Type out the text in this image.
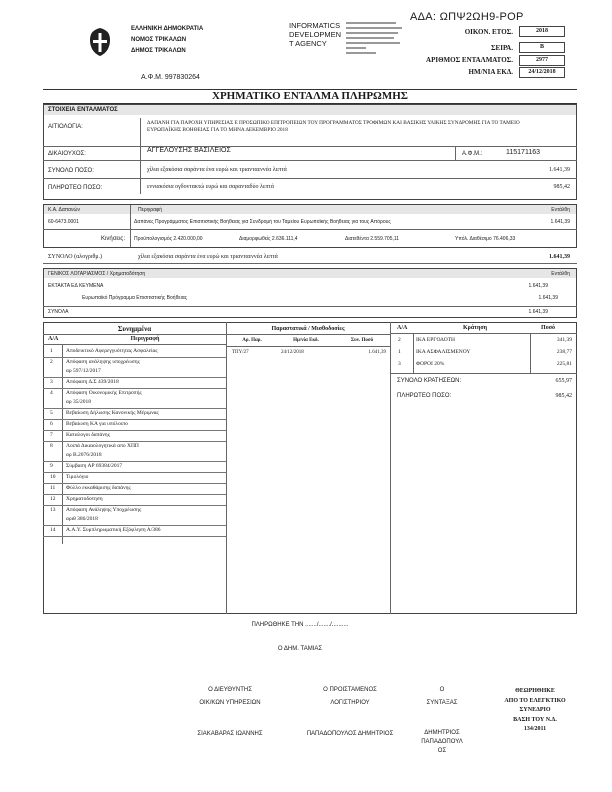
ΕΛΛΗΝΙΚΗ ΔΗΜΟΚΡΑΤΙΑ
ΝΟΜΟΣ ΤΡΙΚΑΛΩΝ
ΔΗΜΟΣ ΤΡΙΚΑΛΩΝ
Α.Φ.Μ. 997830264
INFORMATICS
DEVELOPMEN
T AGENCY
ΑΔΑ: ΩΠΨ2ΩΗ9-ΡΟΡ
ΟΙΚΟΝ. ΕΤΟΣ.	2018
ΣΕΙΡΑ.	Β
ΑΡΙΘΜΟΣ ΕΝΤΑΛΜΑΤΟΣ.	2977
ΗΜ/ΝΙΑ ΕΚΔ.	24/12/2018
ΧΡΗΜΑΤΙΚΟ ΕΝΤΑΛΜΑ ΠΛΗΡΩΜΗΣ
ΣΤΟΙΧΕΙΑ ΕΝΤΑΛΜΑΤΟΣ
ΑΙΤΙΟΛΟΓΙΑ:
ΔΑΠΑΝΗ ΓΙΑ ΠΑΡΟΧΗ ΥΠΗΡΕΣΙΑΣ Ε ΠΡΟΣΩΠΙΚΟ ΕΠΙΤΡΟΠΕΙΩΝ ΤΟΥ ΠΡΟΓΡΑΜΜΑΤΟΣ ΤΡΟΦΙΜΩΝ ΚΑΙ ΒΑΣΙΚΗΣ ΥΛΙΚΗΣ ΣΥΝΔΡΟΜΗΣ ΓΙΑ ΤΟ ΤΑΜΕΙΟ ΕΥΡΩΠΑΪΚΗΣ ΒΟΗΘΕΙΑΣ ΓΙΑ ΤΟ ΜΗΝΑ ΔΕΚΕΜΒΡΙΟ 2018
ΔΙΚΑΙΟΥΧΟΣ:	ΑΓΓΕΛΟΥΣΗΣ ΒΑΣΙΛΕΙΟΣ	Α.Φ.Μ.:	115171163
ΣΥΝΟΛΟ ΠΟΣΟ:	χίλια εξακόσια σαράντα ένα ευρώ και τριανταεννέα λεπτά	1.641,39
ΠΛΗΡΩΤΕΟ ΠΟΣΟ:	εννιακόσια ογδοντακτώ ευρώ και σαρανταδύο λεπτά	985,42
Κ.Α. Δαπανών	Περιγραφή	Εντάλθη
60-6473.0001	Δαπάνες Προγράμματος Επισιτιστικής Βοήθειας για Συνδρομή του Ταμείου Ευρωπαϊκής Βοήθειας για τους Απόρους	1.641,39
Κινήσεις: Προϋπολογισμός 2.420.000,00	Διαμορφωθείς 2.636.111,4	Διατεθέντα 2.559.705,11	Υπόλ. Διαθέσιμο 76.406,33
ΣΥΝΟΛΟ (αλογριθμ.)	χίλια εξακόσια σαράντα ένα ευρώ και τριανταεννέα λεπτά	1.641,39
ΓΕΝΙΚΟΣ ΛΟΓΑΡΙΑΣΜΟΣ / Χρηματοδότηση	Εντάλθη
ΕΚΤΑΚΤΑ ΕΔ ΚΕΥΜΕΝΑ	1.641,39
Ευρωπαϊκό Πρόγραμμα Επισιτιστικής Βοήθειας	1.641,39
ΣΥΝΟΛΑ	1.641,39
Συνημμένα
Α/Α	Περιγραφή
1 Αποδεικτικό Αφερεγγυότητας Ασφαλείας
2 Απόφαση ανάληψης υποχρέωσης
αρ 597/12/2017
3 Απόφαση Δ.Σ 439/2018
4 Απόφαση Οικονομικής Επιτροπής
αρ 35/2018
5 Βεβαίωση Δήλωσης Κανονικής Μέριμνας
6 Βεβαίωση ΚΑ για υπόλοιπο
7 Καταλογοι δαπάνης
8 Λοιπά Δικαιολογητικά απο ΧΠΠ
αρ Β.2076/2018
9 Σύμβαση ΑΡ 69384/2017
10 Τιμολόγιο
11 Φύλλο εκκαθάρισης δαπάνης
12 Χρηματοδοτηση
13 Απόφαση Ανάληψης Υποχρέωσης
αριθ 386/2018
14 Α.Α.Υ. Συμπληρωματική Εξόφληση Α/386
Παραστατικά / Μισθοδοσίες
Αρ. Παρ.	Ημ/νία Εκδ.	Συν. Ποσό
ΤΠΥ/27	24/12/2018	1.641,39
Α/Α	Κράτηση	Ποσό
2	ΙΚΑ ΕΡΓΟΔΟΤΗ	341,39
1	ΙΚΑ ΑΣΦΑΛΙΣΜΕΝΟΥ	238,77
3	ΦΟΡΟΙ 20%	225,81
ΣΥΝΟΛΟ ΚΡΑΤΗΣΕΩΝ:	655,97
ΠΛΗΡΩΤΕΟ ΠΟΣΟ:	985,42
ΠΛΗΡΩΘΗΚΕ ΤΗΝ ......./......./..........
Ο ΔΗΜ. ΤΑΜΙΑΣ
Ο ΔΙΕΥΘΥΝΤΗΣ
ΟΙΚ/ΚΩΝ ΥΠΗΡΕΣΙΩΝ
ΣΙΑΚΑΒΑΡΑΣ ΙΩΑΝΝΗΣ
Ο ΠΡΟΙΣΤΑΜΕΝΟΣ
ΛΟΓΙΣΤΗΡΙΟΥ
ΠΑΠΑΔΟΠΟΥΛΟΣ ΔΗΜΗΤΡΙΟΣ
Ο
ΣΥΝΤΑΞΑΣ
ΔΗΜΗΤΡΙΟΣ
ΠΑΠΑΔΟΠΟΥΛ
ΟΣ
ΘΕΩΡΗΘΗΚΕ
ΑΠΟ ΤΟ ΕΛΕΓΚΤΙΚΟ
ΣΥΝΕΔΡΙΟ
ΒΑΣΗ ΤΟΥ Ν.Δ.
134/2011
